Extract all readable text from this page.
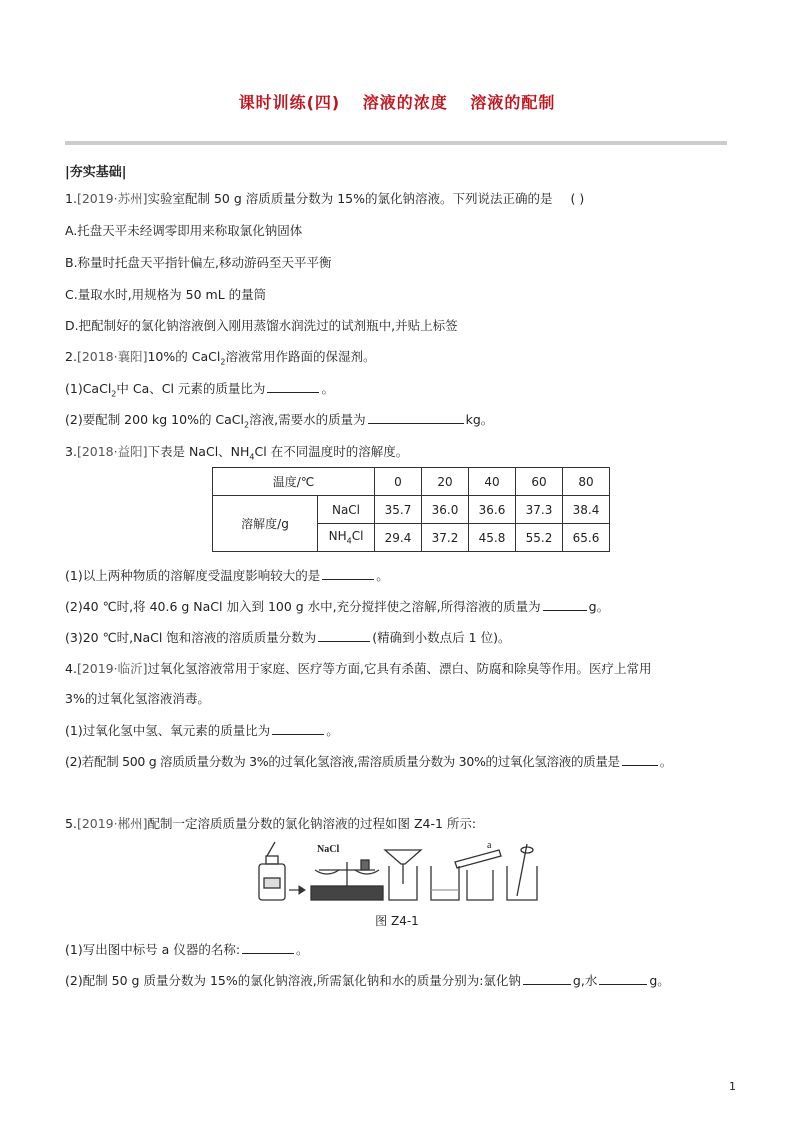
课时训练(四) 溶液的浓度 溶液的配制
|夯实基础|
1.[2019·苏州]实验室配制 50 g 溶质质量分数为 15%的氯化钠溶液。下列说法正确的是 ( )
A.托盘天平未经调零即用来称取氯化钠固体
B.称量时托盘天平指针偏左,移动游码至天平平衡
C.量取水时,用规格为 50 mL 的量筒
D.把配制好的氯化钠溶液倒入刚用蒸馏水润洗过的试剂瓶中,并贴上标签
2.[2018·襄阳]10%的 CaCl$_2$溶液常用作路面的保湿剂。
(1)CaCl$_2$中 Ca、Cl 元素的质量比为	。
(2)要配制 200 kg 10%的 CaCl$_2$溶液,需要水的质量为	kg。
3.[2018·益阳]下表是 NaCl、$NH_4Cl$ 在不同温度时的溶解度。
温度/℃		0	20	40	60	80
溶解度/g	NaCl	35.7	36.0	36.6	37.3	38.4
	$NH_4Cl$	29.4	37.2	45.8	55.2	65.6
(1)以上两种物质的溶解度受温度影响较大的是	。
(2)40 ℃时,将 40.6 g NaCl 加入到 100 g 水中,充分搅拌使之溶解,所得溶液的质量为	g。
(3)20 ℃时,NaCl 饱和溶液的溶质质量分数为	(精确到小数点后 1 位)。
4.[2019·临沂]过氧化氢溶液常用于家庭、医疗等方面,它具有杀菌、漂白、防腐和除臭等作用。医疗上常用
3%的过氧化氢溶液消毒。
(1)过氧化氢中氢、氧元素的质量比为	。
(2)若配制 500 g 溶质质量分数为 3%的过氧化氢溶液,需溶质质量分数为 30%的过氧化氢溶液的质量是	。
5.[2019·郴州]配制一定溶质质量分数的氯化钠溶液的过程如图 Z4-1 所示:
NaCl	a
图 Z4-1
(1)写出图中标号 a 仪器的名称:	。
(2)配制 50 g 质量分数为 15%的氯化钠溶液,所需氯化钠和水的质量分别为:氯化钠	g,水	g。
1
